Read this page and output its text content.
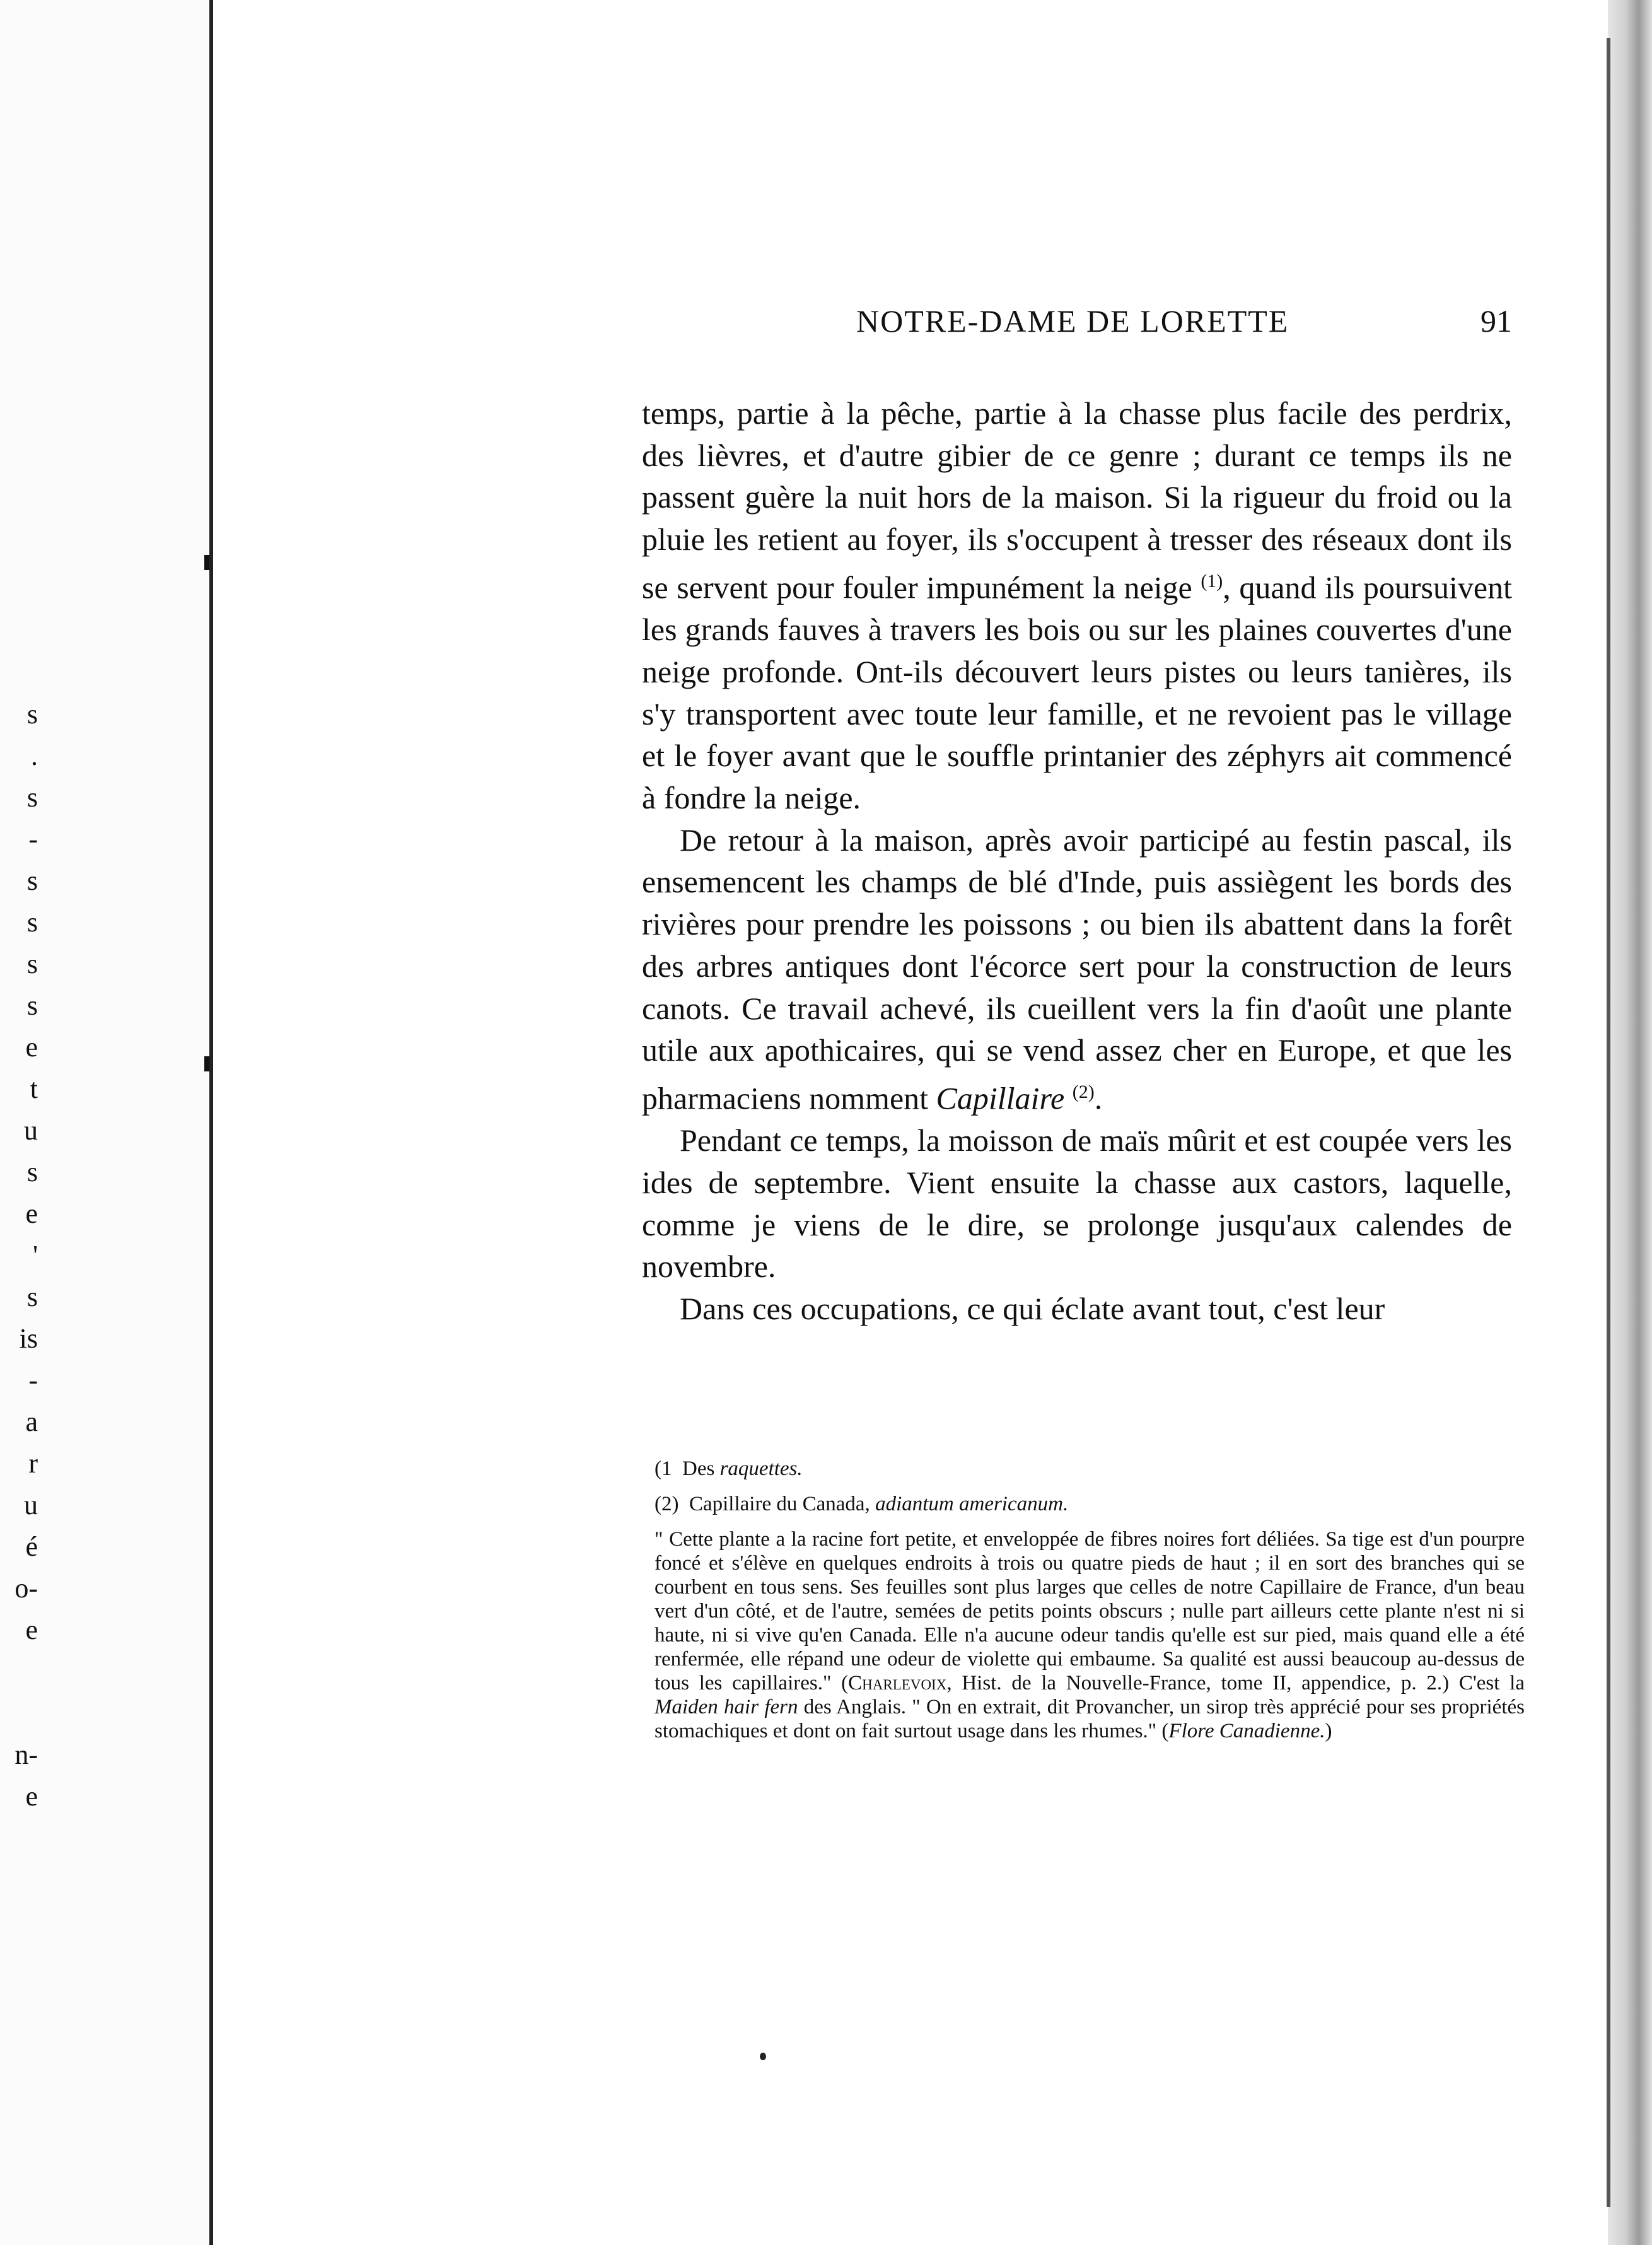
s
.
s
-
s
s
s
s
e
t
u
s
e
'
s
is
-
a
r
u
é
o-
e
n-
e
NOTRE-DAME DE LORETTE	91

temps, partie à la pêche, partie à la chasse plus facile des perdrix, des lièvres, et d'autre gibier de ce genre ; durant ce temps ils ne passent guère la nuit hors de la maison. Si la rigueur du froid ou la pluie les retient au foyer, ils s'occupent à tresser des réseaux dont ils se servent pour fouler impunément la neige $^{(1)}$, quand ils poursuivent les grands fauves à travers les bois ou sur les plaines couvertes d'une neige profonde. Ont-ils découvert leurs pistes ou leurs tanières, ils s'y transportent avec toute leur famille, et ne revoient pas le village et le foyer avant que le souffle printanier des zéphyrs ait commencé à fondre la neige.

De retour à la maison, après avoir participé au festin pascal, ils ensemencent les champs de blé d'Inde, puis assiègent les bords des rivières pour prendre les poissons ; ou bien ils abattent dans la forêt des arbres antiques dont l'écorce sert pour la construction de leurs canots. Ce travail achevé, ils cueillent vers la fin d'août une plante utile aux apothicaires, qui se vend assez cher en Europe, et que les pharmaciens nomment Capillaire $^{(2)}$.

Pendant ce temps, la moisson de maïs mûrit et est coupée vers les ides de septembre. Vient ensuite la chasse aux castors, laquelle, comme je viens de le dire, se prolonge jusqu'aux calendes de novembre.

Dans ces occupations, ce qui éclate avant tout, c'est leur

(1 Des raquettes.

(2) Capillaire du Canada, adiantum americanum.

" Cette plante a la racine fort petite, et enveloppée de fibres noires fort déliées. Sa tige est d'un pourpre foncé et s'élève en quelques endroits à trois ou quatre pieds de haut ; il en sort des branches qui se courbent en tous sens. Ses feuilles sont plus larges que celles de notre Capillaire de France, d'un beau vert d'un côté, et de l'autre, semées de petits points obscurs ; nulle part ailleurs cette plante n'est ni si haute, ni si vive qu'en Canada. Elle n'a aucune odeur tandis qu'elle est sur pied, mais quand elle a été renfermée, elle répand une odeur de violette qui embaume. Sa qualité est aussi beaucoup au-dessus de tous les capillaires." (Charlevoix, Hist. de la Nouvelle-France, tome II, appendice, p. 2.) C'est la Maiden hair fern des Anglais. " On en extrait, dit Provancher, un sirop très apprécié pour ses propriétés stomachiques et dont on fait surtout usage dans les rhumes." (Flore Canadienne.)
